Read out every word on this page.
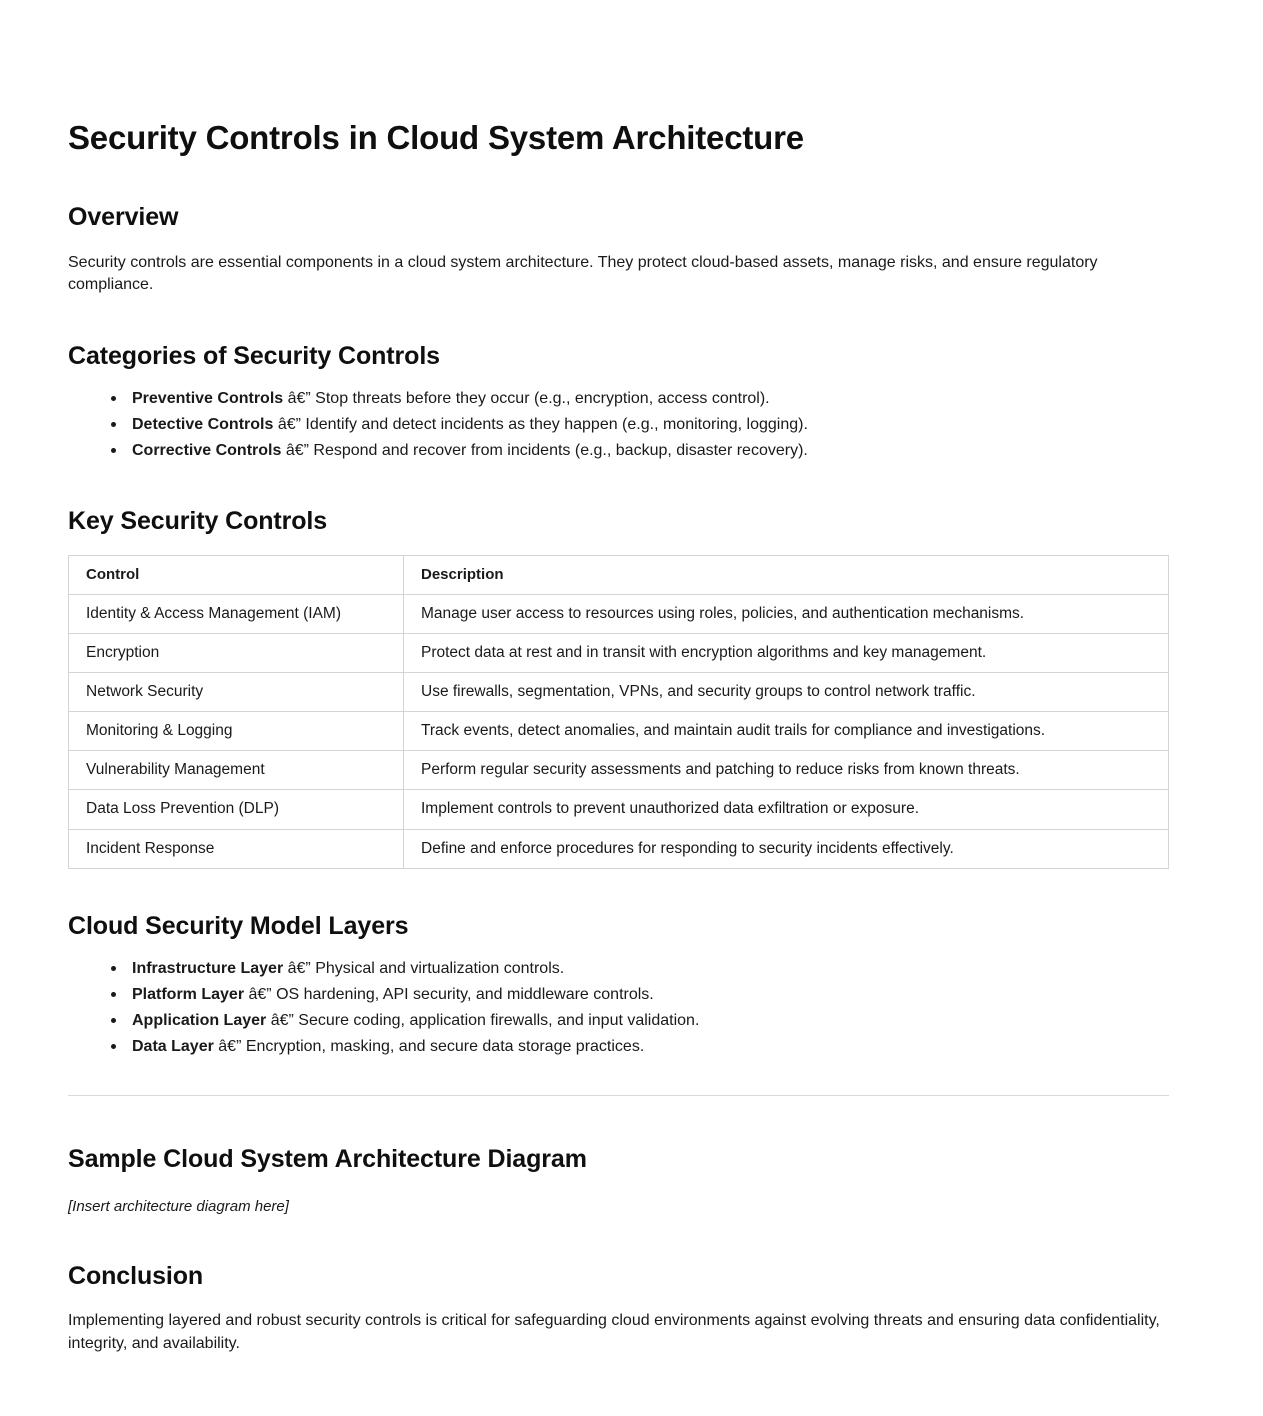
Security Controls in Cloud System Architecture
Overview

Security controls are essential components in a cloud system architecture. They protect cloud-based assets, manage risks, and ensure regulatory compliance.

Categories of Security Controls
Preventive Controls â€” Stop threats before they occur (e.g., encryption, access control).
Detective Controls â€” Identify and detect incidents as they happen (e.g., monitoring, logging).
Corrective Controls â€” Respond and recover from incidents (e.g., backup, disaster recovery).
Key Security Controls
Control	Description
Identity & Access Management (IAM)	Manage user access to resources using roles, policies, and authentication mechanisms.
Encryption	Protect data at rest and in transit with encryption algorithms and key management.
Network Security	Use firewalls, segmentation, VPNs, and security groups to control network traffic.
Monitoring & Logging	Track events, detect anomalies, and maintain audit trails for compliance and investigations.
Vulnerability Management	Perform regular security assessments and patching to reduce risks from known threats.
Data Loss Prevention (DLP)	Implement controls to prevent unauthorized data exfiltration or exposure.
Incident Response	Define and enforce procedures for responding to security incidents effectively.
Cloud Security Model Layers
Infrastructure Layer â€” Physical and virtualization controls.
Platform Layer â€” OS hardening, API security, and middleware controls.
Application Layer â€” Secure coding, application firewalls, and input validation.
Data Layer â€” Encryption, masking, and secure data storage practices.
Sample Cloud System Architecture Diagram

[Insert architecture diagram here]

Conclusion

Implementing layered and robust security controls is critical for safeguarding cloud environments against evolving threats and ensuring data confidentiality, integrity, and availability.
